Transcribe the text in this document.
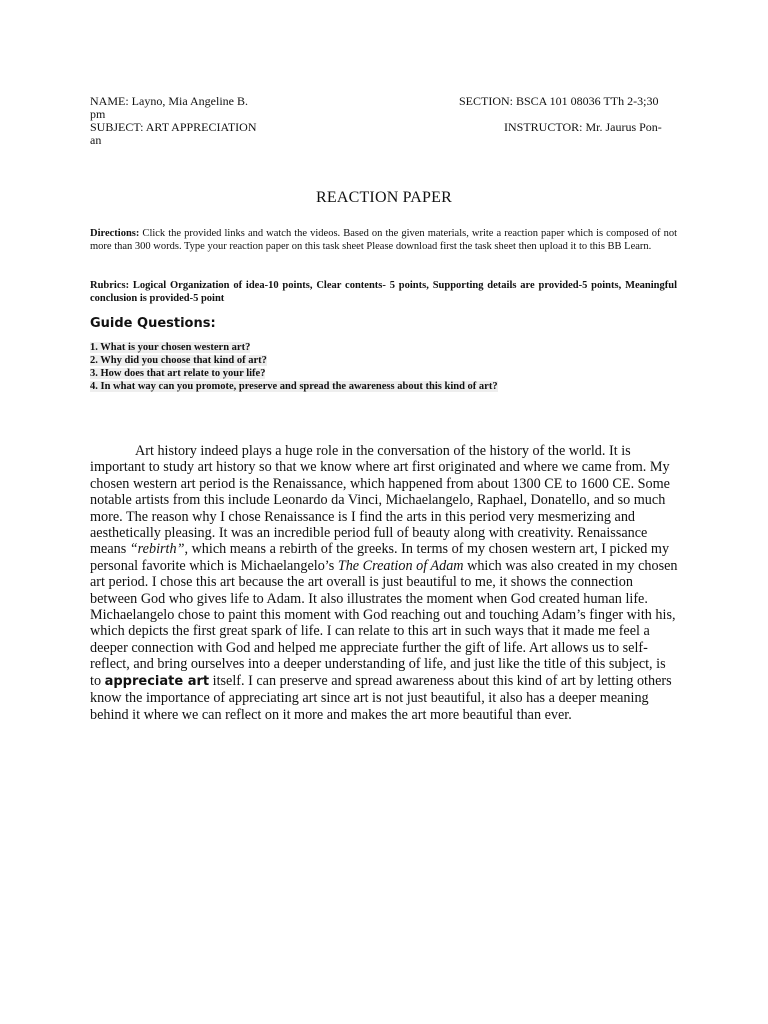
NAME: Layno, Mia Angeline B.
pm
SECTION: BSCA 101 08036 TTh 2-3;30
SUBJECT: ART APPRECIATION
an
INSTRUCTOR: Mr. Jaurus Pon-
REACTION PAPER
Directions: Click the provided links and watch the videos. Based on the given materials, write a reaction paper which is composed of not more than 300 words. Type your reaction paper on this task sheet Please download first the task sheet then upload it to this BB Learn.
Rubrics: Logical Organization of idea-10 points, Clear contents- 5 points, Supporting details are provided-5 points, Meaningful conclusion is provided-5 point
Guide Questions:
1. What is your chosen western art?
2. Why did you choose that kind of art?
3. How does that art relate to your life?
4. In what way can you promote, preserve and spread the awareness about this kind of art?
Art history indeed plays a huge role in the conversation of the history of the world. It is important to study art history so that we know where art first originated and where we came from. My chosen western art period is the Renaissance, which happened from about 1300 CE to 1600 CE. Some notable artists from this include Leonardo da Vinci, Michaelangelo, Raphael, Donatello, and so much more. The reason why I chose Renaissance is I find the arts in this period very mesmerizing and aesthetically pleasing. It was an incredible period full of beauty along with creativity. Renaissance means “rebirth”, which means a rebirth of the greeks. In terms of my chosen western art, I picked my personal favorite which is Michaelangelo’s The Creation of Adam which was also created in my chosen art period. I chose this art because the art overall is just beautiful to me, it shows the connection between God who gives life to Adam. It also illustrates the moment when God created human life. Michaelangelo chose to paint this moment with God reaching out and touching Adam’s finger with his, which depicts the first great spark of life. I can relate to this art in such ways that it made me feel a deeper connection with God and helped me appreciate further the gift of life. Art allows us to self-reflect, and bring ourselves into a deeper understanding of life, and just like the title of this subject, is to appreciate art itself. I can preserve and spread awareness about this kind of art by letting others know the importance of appreciating art since art is not just beautiful, it also has a deeper meaning behind it where we can reflect on it more and makes the art more beautiful than ever.
